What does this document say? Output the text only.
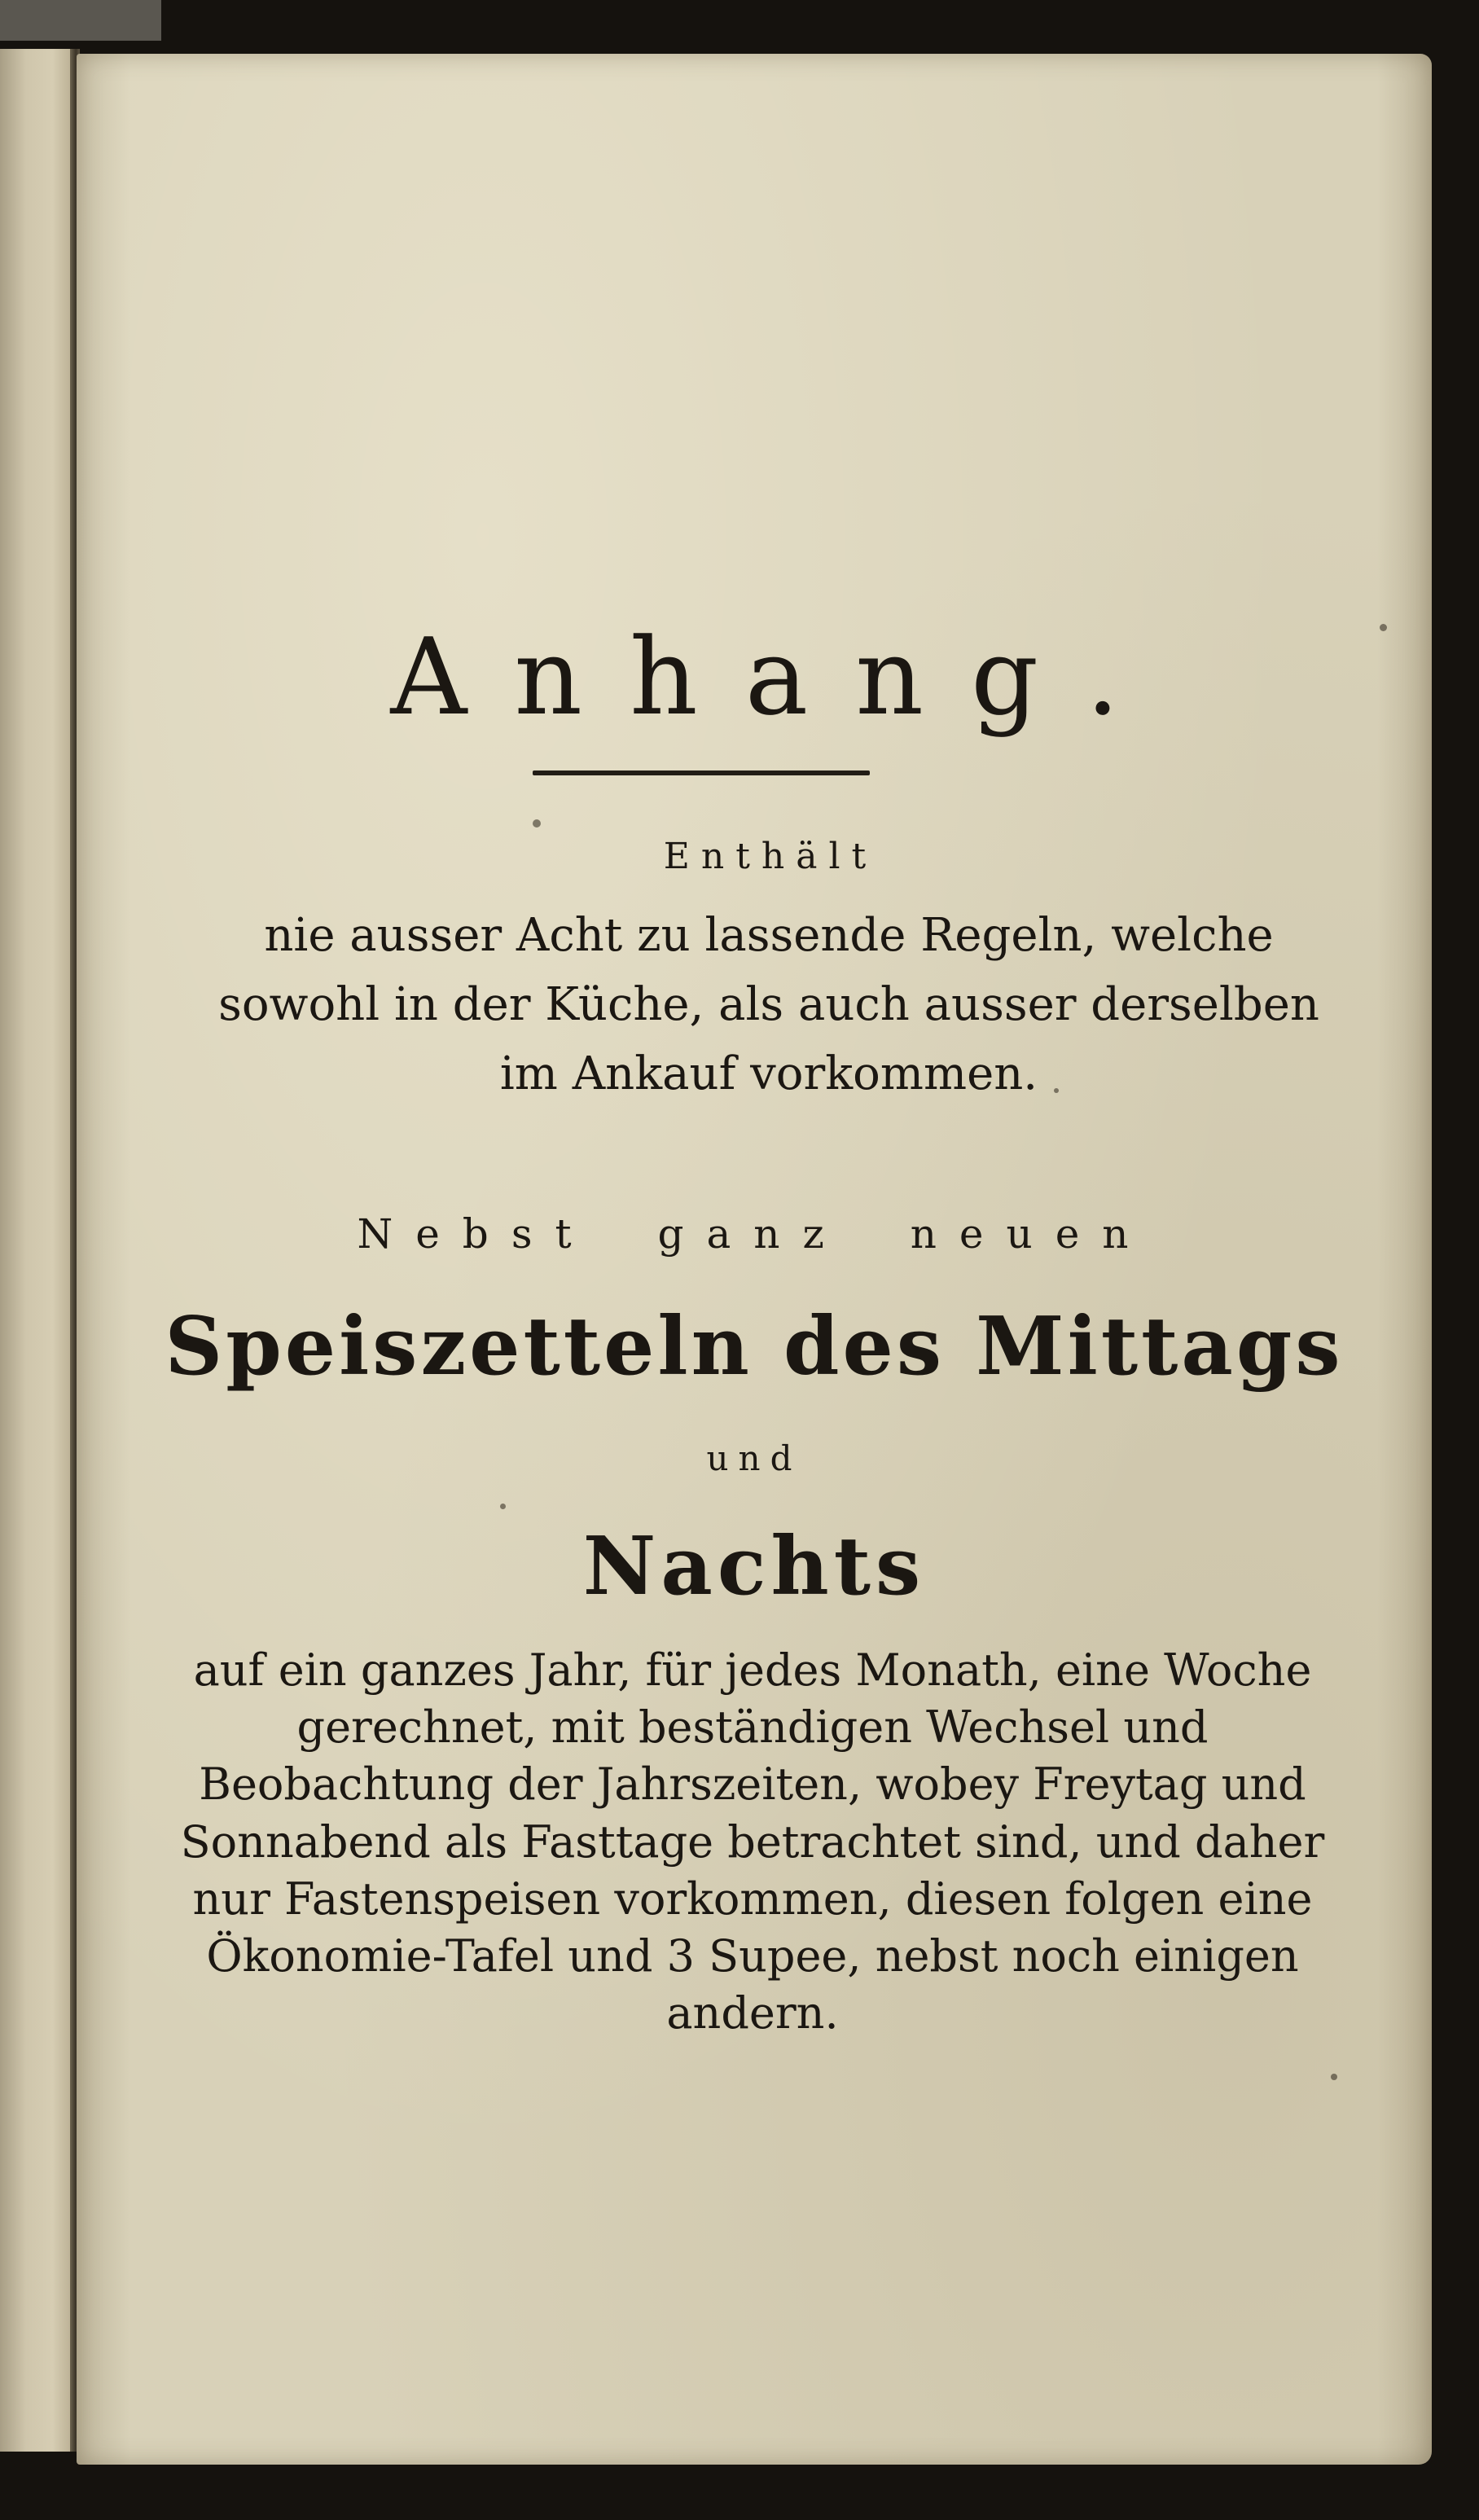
Anhang.
Enthält
nie ausser Acht zu lassende Regeln, welche sowohl in der Küche, als auch ausser derselben im Ankauf vorkommen.
Nebst ganz neuen
Speiszetteln des Mittags
und
Nachts
auf ein ganzes Jahr, für jedes Monath, eine Woche gerechnet, mit beständigen Wechsel und Beobachtung der Jahrszeiten, wobey Freytag und Sonnabend als Fasttage betrachtet sind, und daher nur Fastenspeisen vorkommen, diesen folgen eine Ökonomie-Tafel und 3 Supee, nebst noch einigen andern.
